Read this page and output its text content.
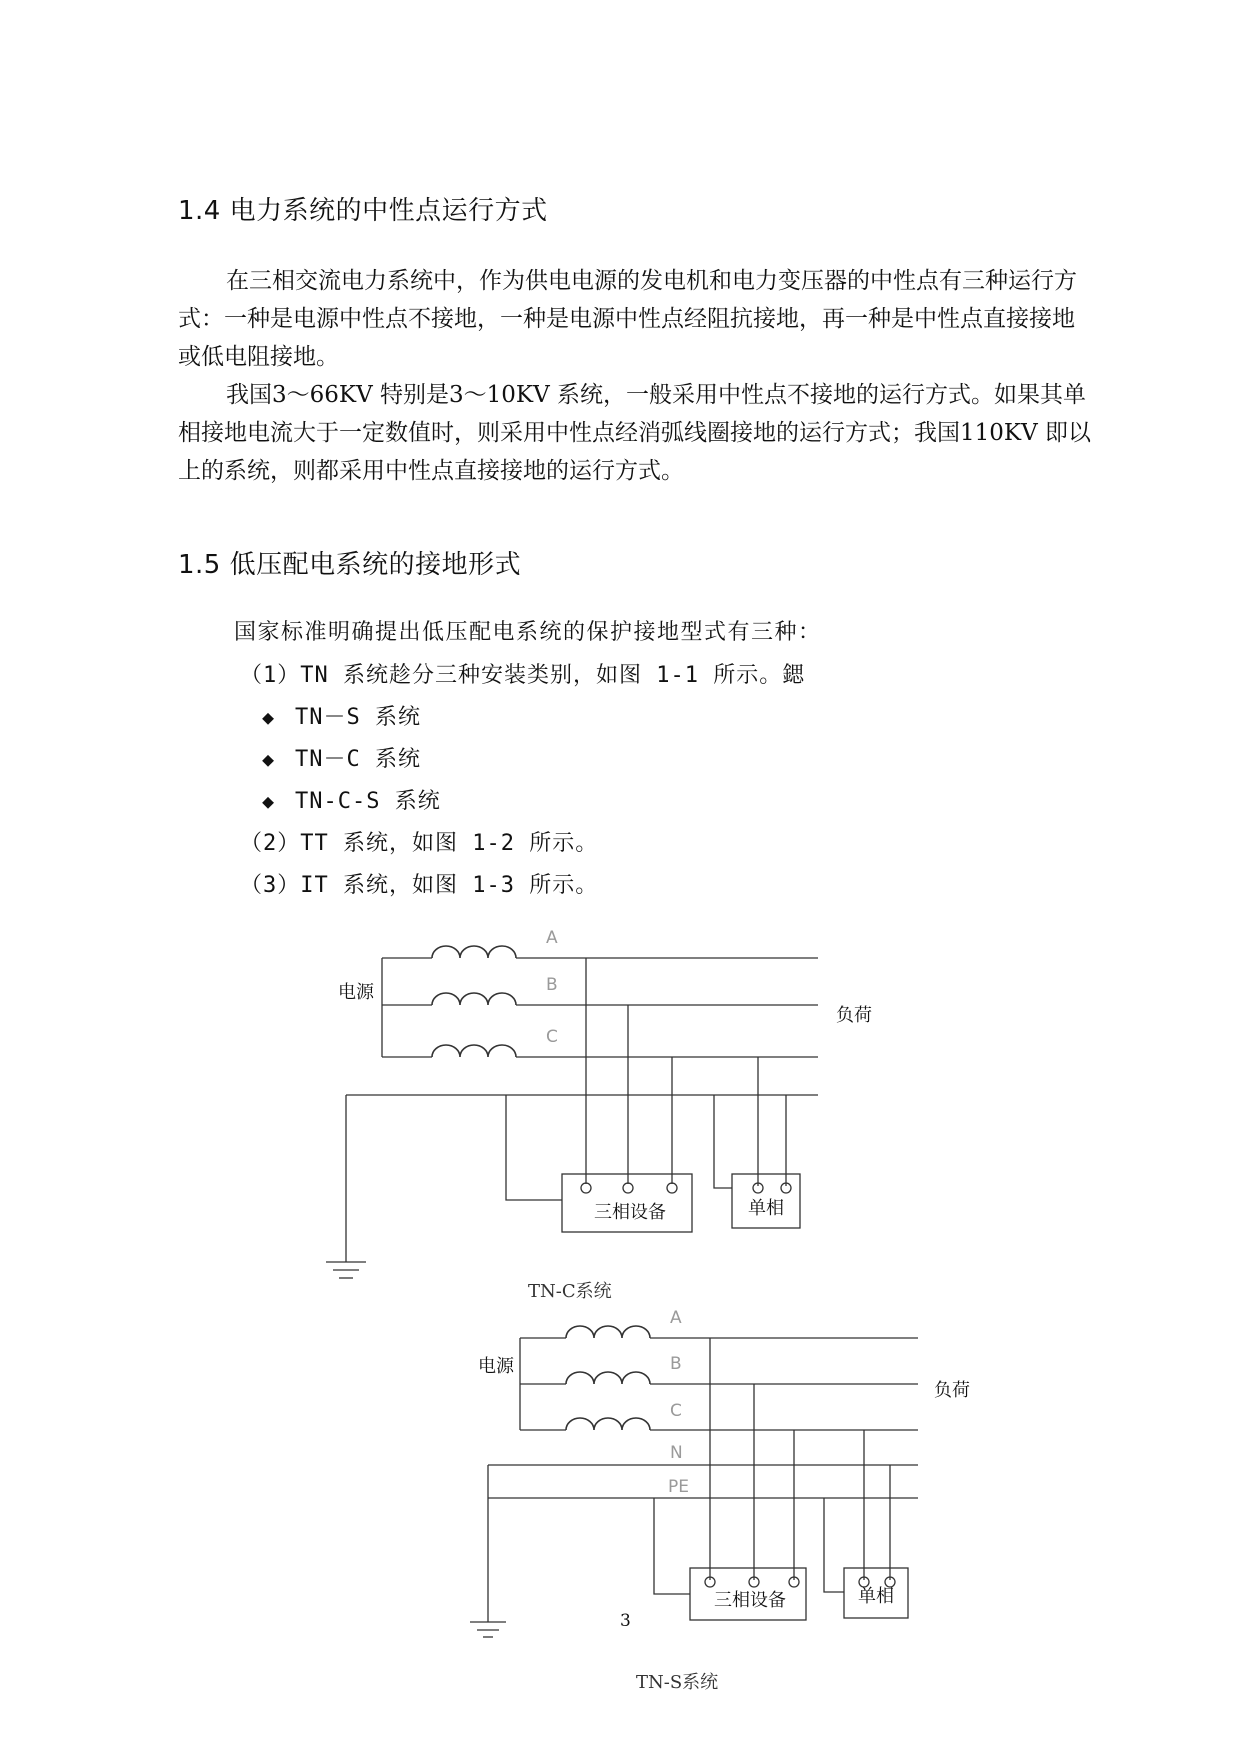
1.4 电力系统的中性点运行方式

在三相交流电力系统中，作为供电电源的发电机和电力变压器的中性点有三种运行方式：一种是电源中性点不接地，一种是电源中性点经阻抗接地，再一种是中性点直接接地或低电阻接地。

我国3～66KV 特别是3～10KV 系统，一般采用中性点不接地的运行方式。如果其单相接地电流大于一定数值时，则采用中性点经消弧线圈接地的运行方式；我国110KV 即以上的系统，则都采用中性点直接接地的运行方式。

1.5 低压配电系统的接地形式

国家标准明确提出低压配电系统的保护接地型式有三种：

（1）TN 系统趁分三种安装类别，如图 1-1 所示。鍶

◆ TN－S 系统

◆ TN－C 系统

◆ TN-C-S 系统

（2）TT 系统，如图 1-2 所示。

（3）IT 系统，如图 1-3 所示。

A
B
C
电源
负荷
三相设备	单相
TN-C系统
A
B
C
N
PE
电源
负荷
三相设备	单相
TN-S系统

3
